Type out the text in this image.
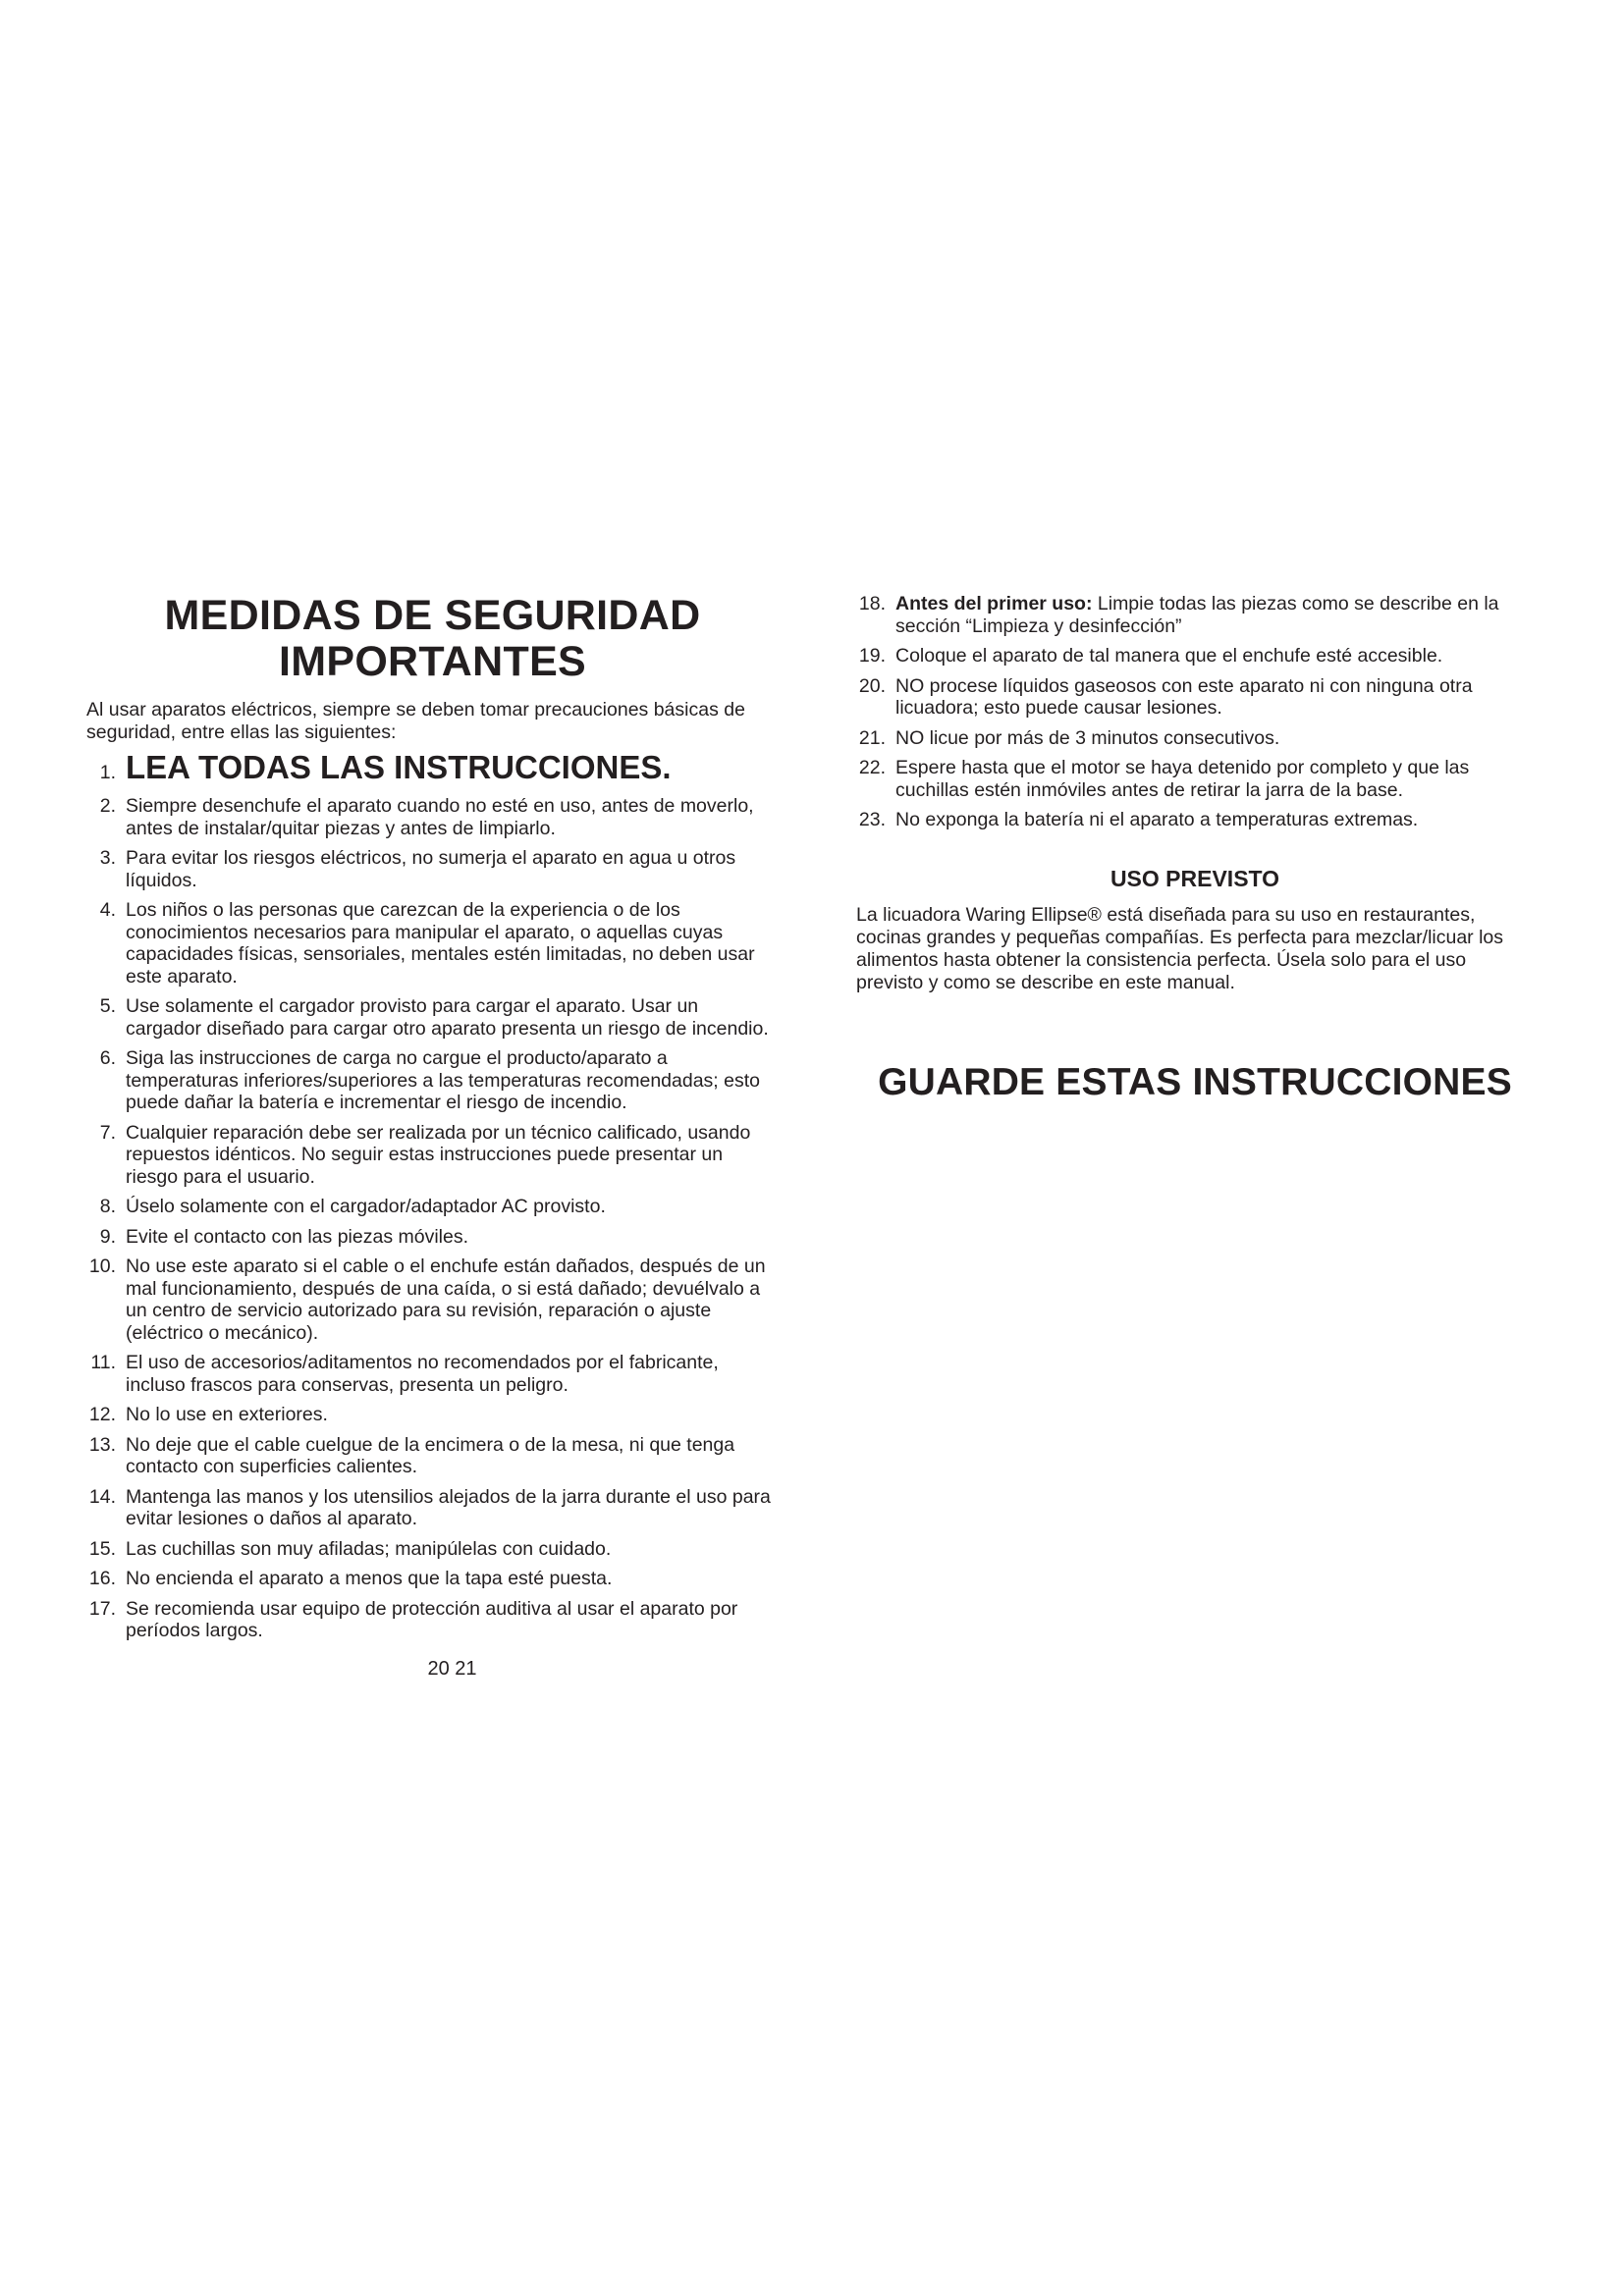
MEDIDAS DE SEGURIDAD
IMPORTANTES

Al usar aparatos eléctricos, siempre se deben tomar precauciones básicas de seguridad, entre ellas las siguientes:

1. LEA TODAS LAS INSTRUCCIONES.
2. Siempre desenchufe el aparato cuando no esté en uso, antes de moverlo, antes de instalar/quitar piezas y antes de limpiarlo.
3. Para evitar los riesgos eléctricos, no sumerja el aparato en agua u otros líquidos.
4. Los niños o las personas que carezcan de la experiencia o de los conocimientos necesarios para manipular el aparato, o aquellas cuyas capacidades físicas, sensoriales, mentales estén limitadas, no deben usar este aparato.
5. Use solamente el cargador provisto para cargar el aparato. Usar un cargador diseñado para cargar otro aparato presenta un riesgo de incendio.
6. Siga las instrucciones de carga no cargue el producto/aparato a temperaturas inferiores/superiores a las temperaturas recomendadas; esto puede dañar la batería e incrementar el riesgo de incendio.
7. Cualquier reparación debe ser realizada por un técnico calificado, usando repuestos idénticos. No seguir estas instrucciones puede presentar un riesgo para el usuario.
8. Úselo solamente con el cargador/adaptador AC provisto.
9. Evite el contacto con las piezas móviles.
10. No use este aparato si el cable o el enchufe están dañados, después de un mal funcionamiento, después de una caída, o si está dañado; devuélvalo a un centro de servicio autorizado para su revisión, reparación o ajuste (eléctrico o mecánico).
11. El uso de accesorios/aditamentos no recomendados por el fabricante, incluso frascos para conservas, presenta un peligro.
12. No lo use en exteriores.
13. No deje que el cable cuelgue de la encimera o de la mesa, ni que tenga contacto con superficies calientes.
14. Mantenga las manos y los utensilios alejados de la jarra durante el uso para evitar lesiones o daños al aparato.
15. Las cuchillas son muy afiladas; manipúlelas con cuidado.
16. No encienda el aparato a menos que la tapa esté puesta.
17. Se recomienda usar equipo de protección auditiva al usar el aparato por períodos largos.
20 21
18. Antes del primer uso: Limpie todas las piezas como se describe en la sección “Limpieza y desinfección”
19. Coloque el aparato de tal manera que el enchufe esté accesible.
20. NO procese líquidos gaseosos con este aparato ni con ninguna otra licuadora; esto puede causar lesiones.
21. NO licue por más de 3 minutos consecutivos.
22. Espere hasta que el motor se haya detenido por completo y que las cuchillas estén inmóviles antes de retirar la jarra de la base.
23. No exponga la batería ni el aparato a temperaturas extremas.
USO PREVISTO

La licuadora Waring Ellipse® está diseñada para su uso en restaurantes, cocinas grandes y pequeñas compañías. Es perfecta para mezclar/licuar los alimentos hasta obtener la consistencia perfecta. Úsela solo para el uso previsto y como se describe en este manual.

GUARDE ESTAS INSTRUCCIONES
